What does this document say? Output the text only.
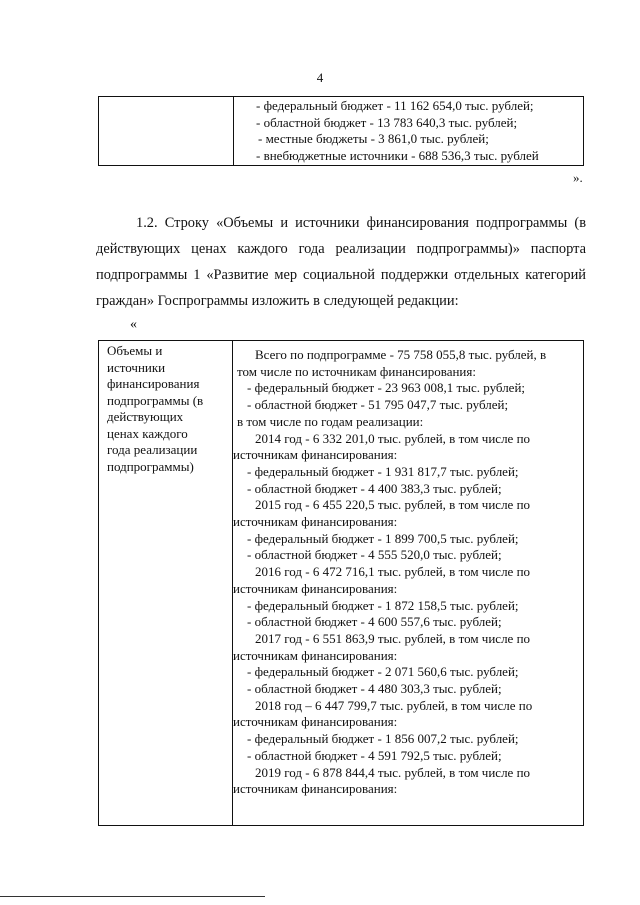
4
- федеральный бюджет - 11 162 654,0 тыс. рублей;
- областной бюджет - 13 783 640,3 тыс. рублей;
- местные бюджеты - 3 861,0 тыс. рублей;
- внебюджетные источники - 688 536,3 тыс. рублей
».

1.2. Строку «Объемы и источники финансирования подпрограммы (в

действующих ценах каждого года реализации подпрограммы)» паспорта

подпрограммы 1 «Развитие мер социальной поддержки отдельных категорий

граждан» Госпрограммы изложить в следующей редакции:

«
Объемы и
источники
финансирования
подпрограммы (в
действующих
ценах каждого
года реализации
подпрограммы)
Всего по подпрограмме - 75 758 055,8 тыс. рублей, в
том числе по источникам финансирования:
- федеральный бюджет - 23 963 008,1 тыс. рублей;
- областной бюджет - 51 795 047,7 тыс. рублей;
в том числе по годам реализации:
2014 год - 6 332 201,0 тыс. рублей, в том числе по
источникам финансирования:
- федеральный бюджет - 1 931 817,7 тыс. рублей;
- областной бюджет - 4 400 383,3 тыс. рублей;
2015 год - 6 455 220,5 тыс. рублей, в том числе по
источникам финансирования:
- федеральный бюджет - 1 899 700,5 тыс. рублей;
- областной бюджет - 4 555 520,0 тыс. рублей;
2016 год - 6 472 716,1 тыс. рублей, в том числе по
источникам финансирования:
- федеральный бюджет - 1 872 158,5 тыс. рублей;
- областной бюджет - 4 600 557,6 тыс. рублей;
2017 год - 6 551 863,9 тыс. рублей, в том числе по
источникам финансирования:
- федеральный бюджет - 2 071 560,6 тыс. рублей;
- областной бюджет - 4 480 303,3 тыс. рублей;
2018 год – 6 447 799,7 тыс. рублей, в том числе по
источникам финансирования:
- федеральный бюджет - 1 856 007,2 тыс. рублей;
- областной бюджет - 4 591 792,5 тыс. рублей;
2019 год - 6 878 844,4 тыс. рублей, в том числе по
источникам финансирования:
